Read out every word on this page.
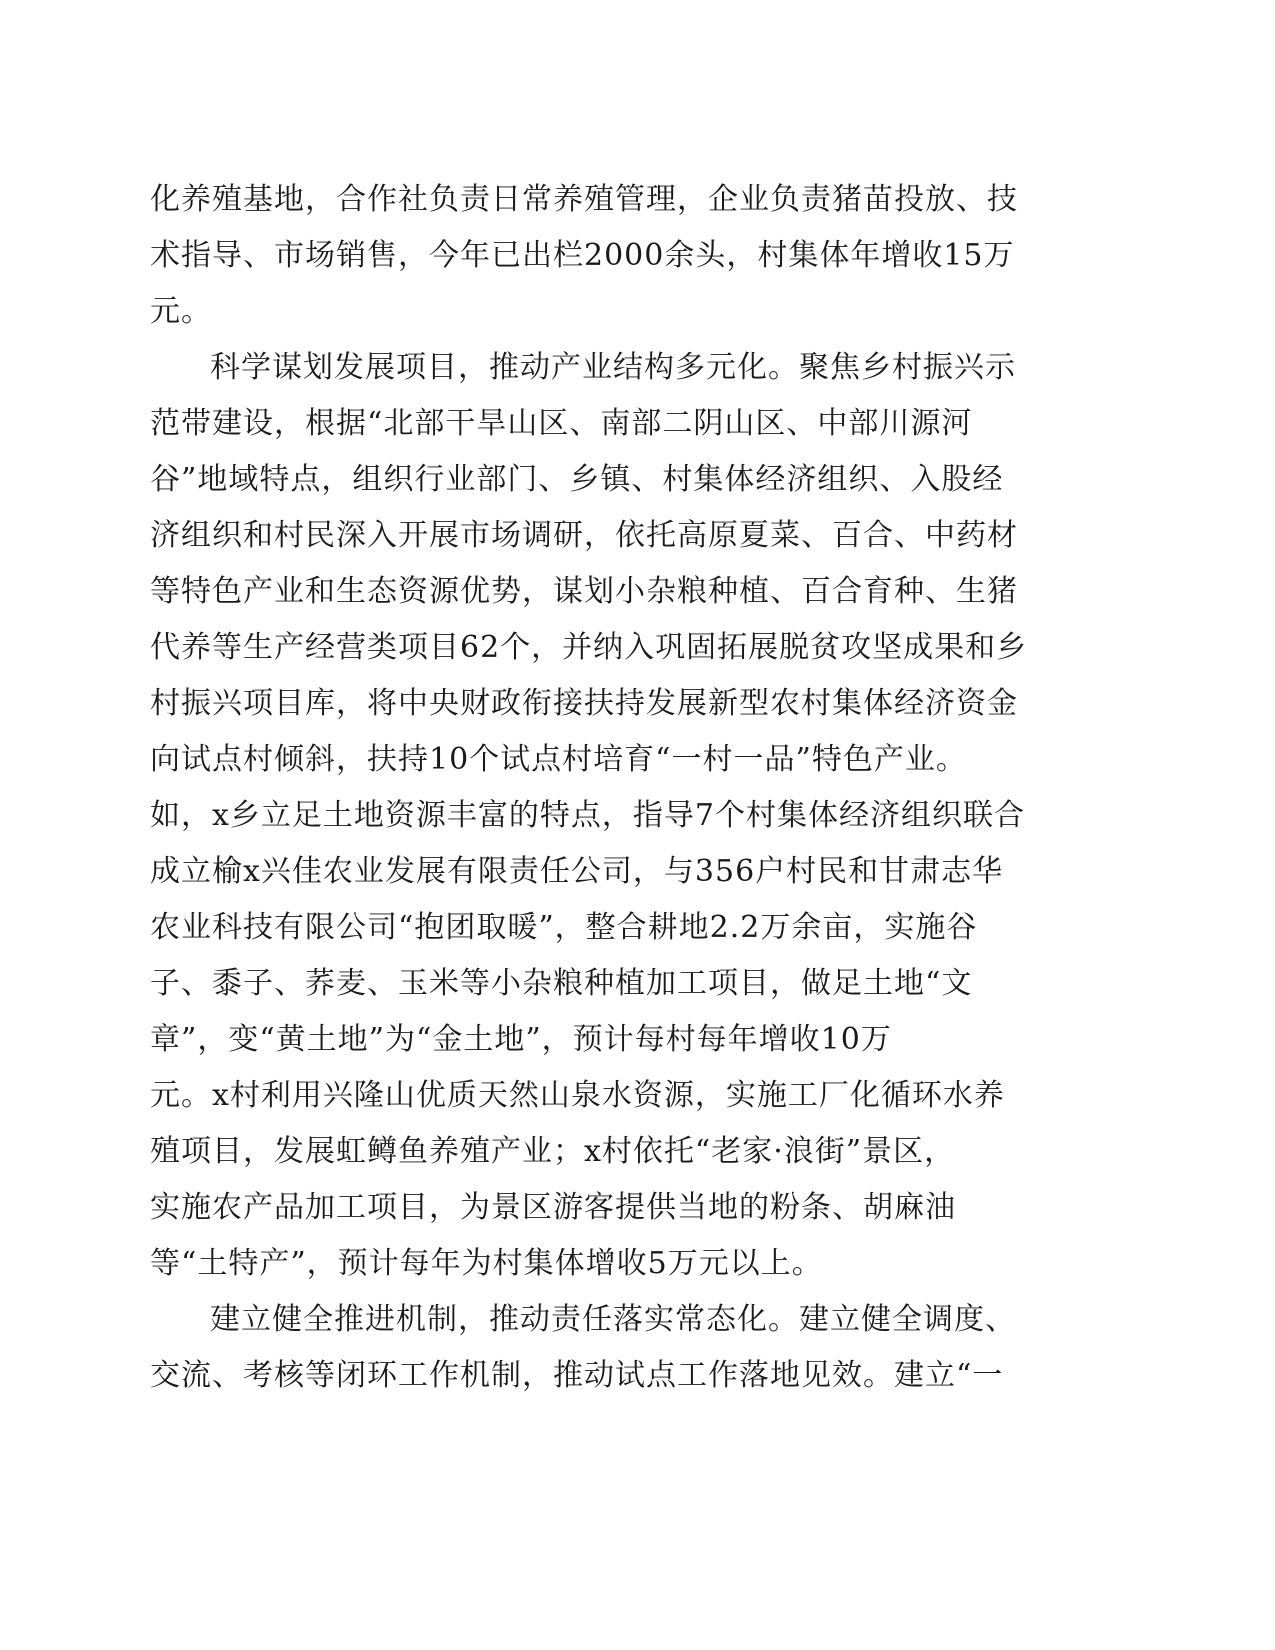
化养殖基地，合作社负责日常养殖管理，企业负责猪苗投放、技

术指导、市场销售，今年已出栏2000余头，村集体年增收15万

元。

科学谋划发展项目，推动产业结构多元化。聚焦乡村振兴示

范带建设，根据“北部干旱山区、南部二阴山区、中部川源河

谷”地域特点，组织行业部门、乡镇、村集体经济组织、入股经

济组织和村民深入开展市场调研，依托高原夏菜、百合、中药材

等特色产业和生态资源优势，谋划小杂粮种植、百合育种、生猪

代养等生产经营类项目62个，并纳入巩固拓展脱贫攻坚成果和乡

村振兴项目库，将中央财政衔接扶持发展新型农村集体经济资金

向试点村倾斜，扶持10个试点村培育“一村一品”特色产业。

如，x乡立足土地资源丰富的特点，指导7个村集体经济组织联合

成立榆x兴佳农业发展有限责任公司，与356户村民和甘肃志华

农业科技有限公司“抱团取暖”，整合耕地2.2万余亩，实施谷

子、黍子、荞麦、玉米等小杂粮种植加工项目，做足土地“文

章”，变“黄土地”为“金土地”，预计每村每年增收10万

元。x村利用兴隆山优质天然山泉水资源，实施工厂化循环水养

殖项目，发展虹鳟鱼养殖产业；x村依托“老家·浪街”景区，

实施农产品加工项目，为景区游客提供当地的粉条、胡麻油

等“土特产”，预计每年为村集体增收5万元以上。

建立健全推进机制，推动责任落实常态化。建立健全调度、

交流、考核等闭环工作机制，推动试点工作落地见效。建立“一
